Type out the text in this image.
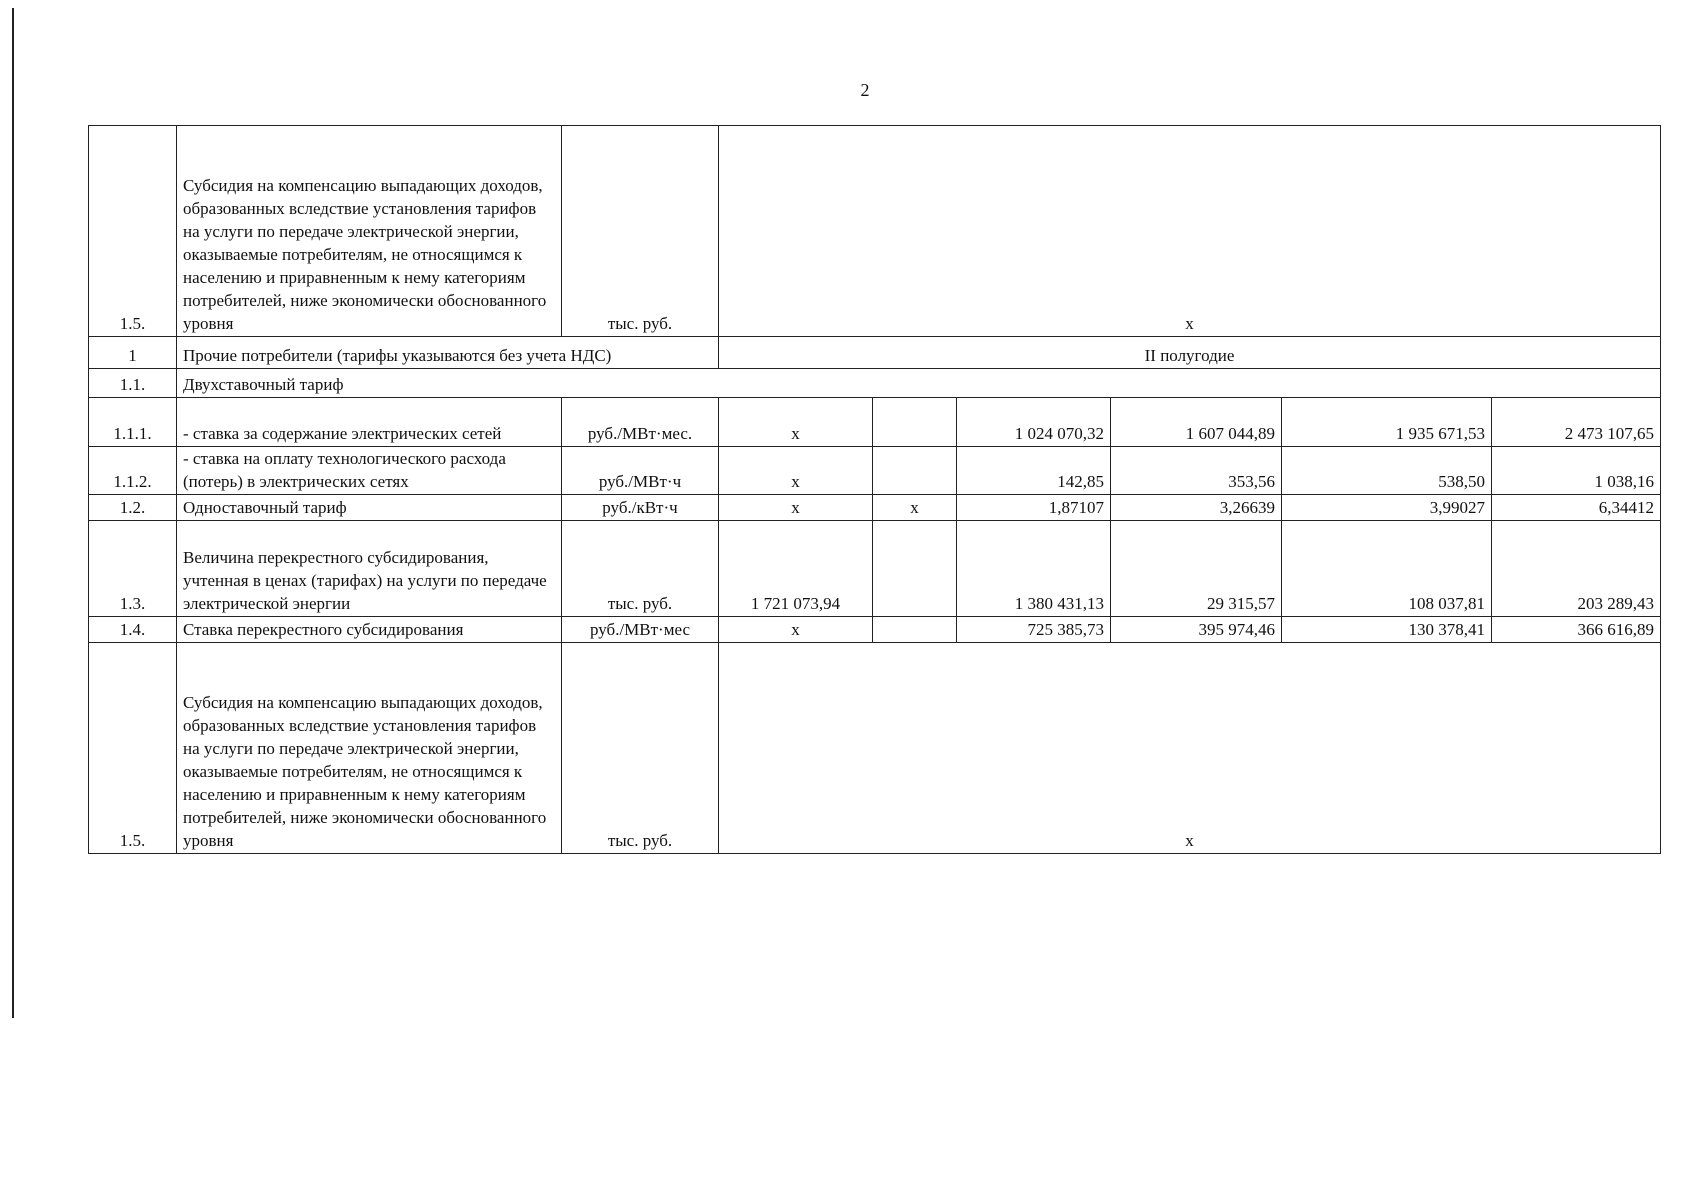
2
1.5.	Субсидия на компенсацию выпадающих доходов, образованных вследствие установления тарифов на услуги по передаче электрической энергии, оказываемые потребителям, не относящимся к населению и приравненным к нему категориям потребителей, ниже экономически обоснованного уровня	тыс. руб.	x					
1	Прочие потребители (тарифы указываются без учета НДС)		II полугодие					
1.1.	Двухставочный тариф							
1.1.1.	- ставка за содержание электрических сетей	руб./МВт·мес.	x		1 024 070,32	1 607 044,89	1 935 671,53	2 473 107,65
1.1.2.	- ставка на оплату технологического расхода (потерь) в электрических сетях	руб./МВт·ч	x		142,85	353,56	538,50	1 038,16
1.2.	Одноставочный тариф	руб./кВт·ч	x	x	1,87107	3,26639	3,99027	6,34412
1.3.	Величина перекрестного субсидирования, учтенная в ценах (тарифах) на услуги по передаче электрической энергии	тыс. руб.	1 721 073,94		1 380 431,13	29 315,57	108 037,81	203 289,43
1.4.	Ставка перекрестного субсидирования	руб./МВт·мес	x		725 385,73	395 974,46	130 378,41	366 616,89
1.5.	Субсидия на компенсацию выпадающих доходов, образованных вследствие установления тарифов на услуги по передаче электрической энергии, оказываемые потребителям, не относящимся к населению и приравненным к нему категориям потребителей, ниже экономически обоснованного уровня	тыс. руб.	x					
